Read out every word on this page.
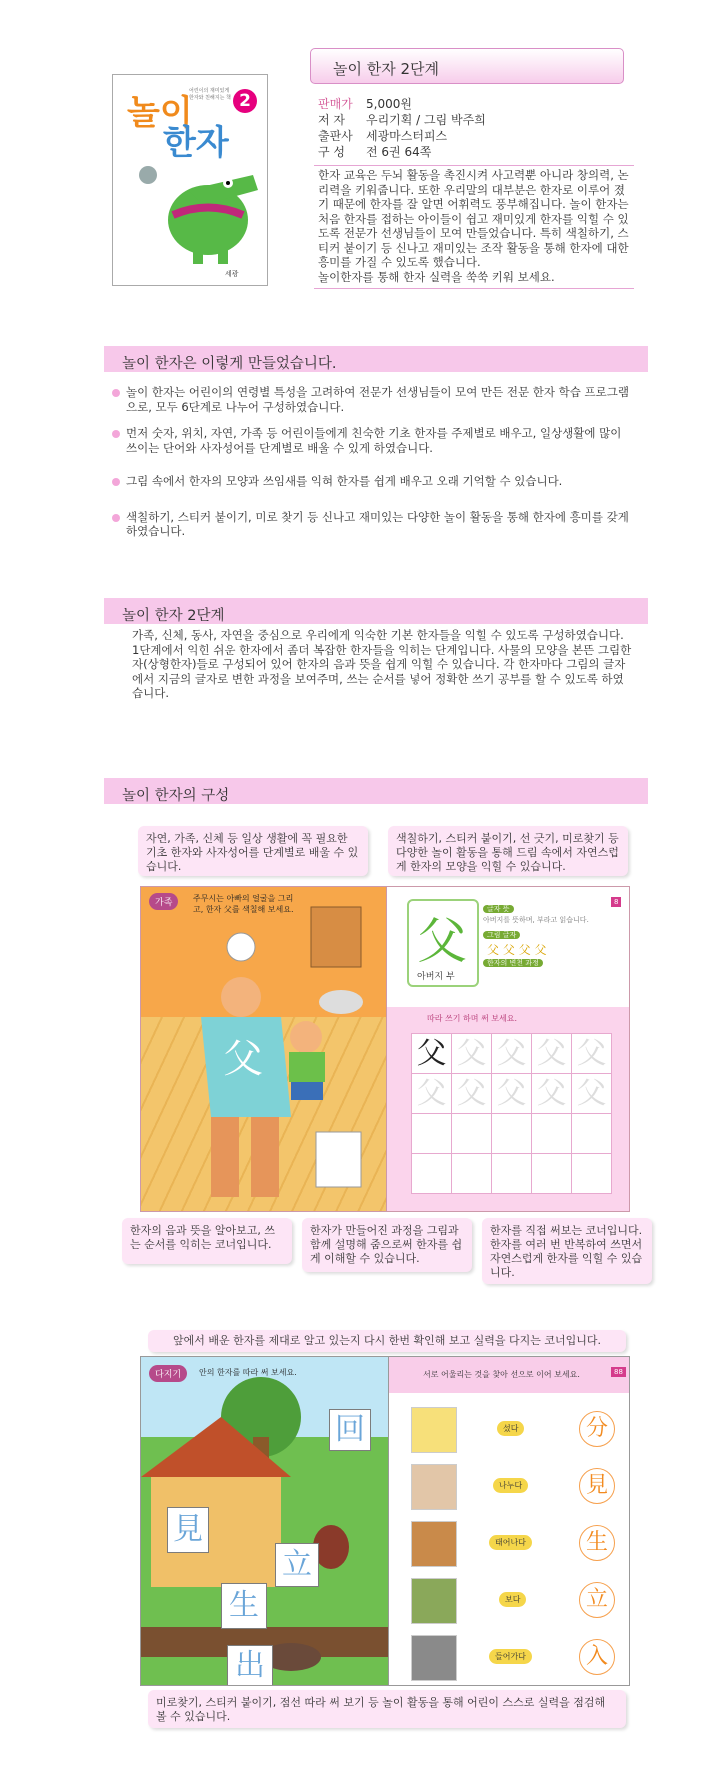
놀이	2
한자
어린이의 재미있게 한자와 친해지는 책
세광
놀이 한자 2단계
판매가 5,000원
저 자 우리기획 / 그림 박주희
출판사 세광마스터피스
구 성 전 6권 64쪽
한자 교육은 두뇌 활동을 촉진시켜 사고력뿐 아니라 창의력, 논리력을 키워줍니다. 또한 우리말의 대부분은 한자로 이루어 졌기 때문에 한자를 잘 알면 어휘력도 풍부해집니다. 놀이 한자는 처음 한자를 접하는 아이들이 쉽고 재미있게 한자를 익힐 수 있도록 전문가 선생님들이 모여 만들었습니다. 특히 색칠하기, 스티커 붙이기 등 신나고 재미있는 조작 활동을 통해 한자에 대한 흥미를 가질 수 있도록 했습니다.
놀이한자를 통해 한자 실력을 쑥쑥 키워 보세요.
놀이 한자은 이렇게 만들었습니다.
놀이 한자는 어린이의 연령별 특성을 고려하여 전문가 선생님들이 모여 만든 전문 한자 학습 프로그램으로, 모두 6단계로 나누어 구성하였습니다.
먼저 숫자, 위치, 자연, 가족 등 어린이들에게 친숙한 기초 한자를 주제별로 배우고, 일상생활에 많이 쓰이는 단어와 사자성어를 단계별로 배울 수 있게 하였습니다.
그림 속에서 한자의 모양과 쓰임새를 익혀 한자를 쉽게 배우고 오래 기억할 수 있습니다.
색칠하기, 스티커 붙이기, 미로 찾기 등 신나고 재미있는 다양한 놀이 활동을 통해 한자에 흥미를 갖게 하였습니다.
놀이 한자 2단계
가족, 신체, 동사, 자연을 중심으로 우리에게 익숙한 기본 한자들을 익힐 수 있도록 구성하였습니다. 1단계에서 익힌 쉬운 한자에서 좀더 복잡한 한자들을 익히는 단계입니다. 사물의 모양을 본뜬 그림한자(상형한자)들로 구성되어 있어 한자의 음과 뜻을 쉽게 익힐 수 있습니다. 각 한자마다 그림의 글자에서 지금의 글자로 변한 과정을 보여주며, 쓰는 순서를 넣어 정확한 쓰기 공부를 할 수 있도록 하였습니다.
놀이 한자의 구성
자연, 가족, 신체 등 일상 생활에 꼭 필요한 기초 한자와 사자성어를 단계별로 배울 수 있습니다.
색칠하기, 스티커 붙이기, 선 긋기, 미로찾기 등 다양한 놀이 활동을 통해 드림 속에서 자연스럽게 한자의 모양을 익힐 수 있습니다.
가족	주무시는 아빠의 얼굴을 그리고, 한자 父를 색칠해 보세요.
父
父
아버지 부
글자 뜻
아버지를 뜻하며, 부라고 읽습니다.
그림 글자
父 父 父 父
한자의 변천 과정
8
따라 쓰기 하며 써 보세요.
父 父 父 父 父
父 父 父 父 父
한자의 음과 뜻을 알아보고, 쓰는 순서를 익히는 코너입니다.
한자가 만들어진 과정을 그림과 함께 설명해 줌으로써 한자를 쉽게 이해할 수 있습니다.
한자를 직접 써보는 코너입니다. 한자를 여러 번 반복하여 쓰면서 자연스럽게 한자를 익힐 수 있습니다.
앞에서 배운 한자를 제대로 알고 있는지 다시 한번 확인해 보고 실력을 다지는 코너입니다.
다지기	안의 한자를 따라 써 보세요.
回
見
立
生
出
서로 어울리는 것을 찾아 선으로 이어 보세요.	88
섰다
나누다
태어나다
보다
들어가다
分
見
生
立
入
미로찾기, 스티커 붙이기, 점선 따라 써 보기 등 놀이 활동을 통해 어린이 스스로 실력을 점검해 볼 수 있습니다.
